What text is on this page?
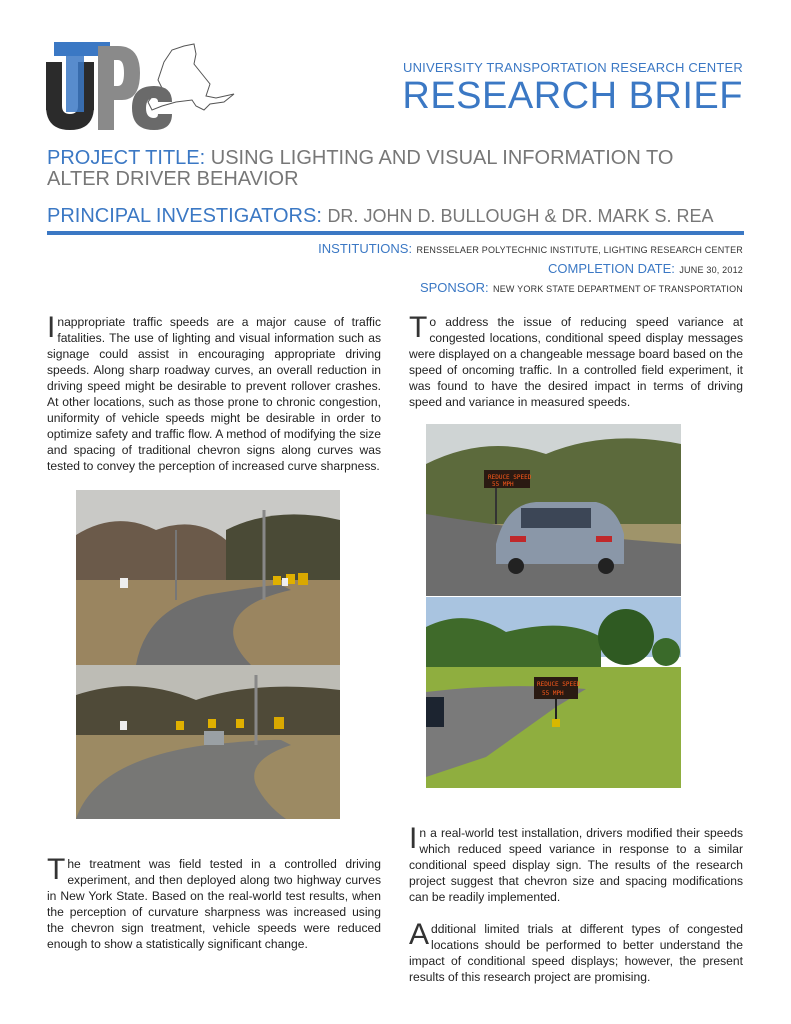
UNIVERSITY TRANSPORTATION RESEARCH CENTER
RESEARCH BRIEF
PROJECT TITLE: USING LIGHTING AND VISUAL INFORMATION TO
ALTER DRIVER BEHAVIOR
PRINCIPAL INVESTIGATORS: DR. JOHN D. BULLOUGH & DR. MARK S. REA
INSTITUTIONS: RENSSELAER POLYTECHNIC INSTITUTE, LIGHTING RESEARCH CENTER
COMPLETION DATE: JUNE 30, 2012
SPONSOR: NEW YORK STATE DEPARTMENT OF TRANSPORTATION
Inappropriate traffic speeds are a major cause of traffic fatalities. The use of lighting and visual information such as signage could assist in encouraging appropriate driving speeds. Along sharp roadway curves, an overall reduction in driving speed might be desirable to prevent rollover crashes. At other locations, such as those prone to chronic congestion, uniformity of vehicle speeds might be desirable in order to optimize safety and traffic flow. A method of modifying the size and spacing of traditional chevron signs along curves was tested to convey the perception of increased curve sharpness.
To address the issue of reducing speed variance at congested locations, conditional speed display messages were displayed on a changeable message board based on the speed of oncoming traffic. In a controlled field experiment, it was found to have the desired impact in terms of driving speed and variance in measured speeds.
The treatment was field tested in a controlled driving experiment, and then deployed along two highway curves in New York State. Based on the real-world test results, when the perception of curvature sharpness was increased using the chevron sign treatment, vehicle speeds were reduced enough to show a statistically significant change.
In a real-world test installation, drivers modified their speeds which reduced speed variance in response to a similar conditional speed display sign. The results of the research project suggest that chevron size and spacing modifications can be readily implemented.
Additional limited trials at different types of congested locations should be performed to better understand the impact of conditional speed displays; however, the present results of this research project are promising.
REDUCE SPEED
55 MPH
REDUCE SPEED
55 MPH
